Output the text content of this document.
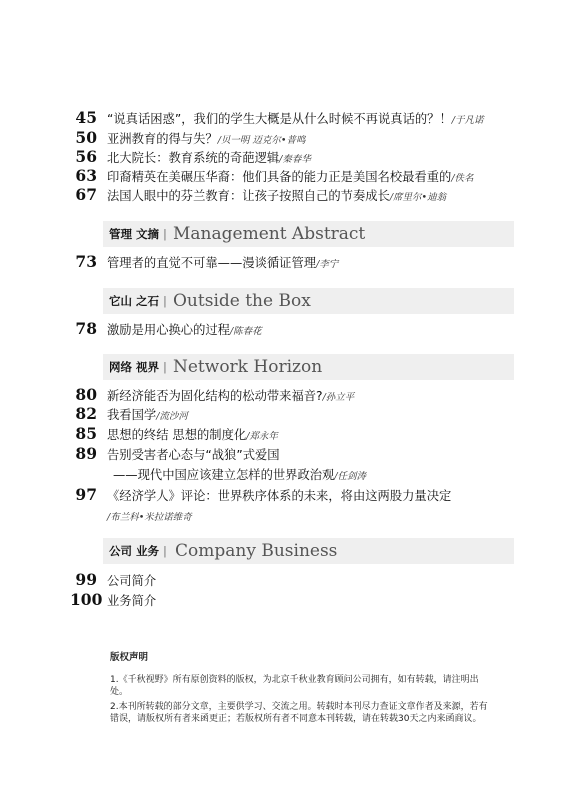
45 “说真话困惑”，我们的学生大概是从什么时候不再说真话的？！/于凡诺
50 亚洲教育的得与失？/贝一明 迈克尔•普鸣
56 北大院长：教育系统的奇葩逻辑/秦春华
63 印裔精英在美碾压华裔：他们具备的能力正是美国名校最看重的/佚名
67 法国人眼中的芬兰教育：让孩子按照自己的节奏成长/席里尔•迪翁
管理 文摘 | Management Abstract
73 管理者的直觉不可靠——漫谈循证管理/李宁
它山 之石 | Outside the Box
78 激励是用心换心的过程/陈春花
网络 视界 | Network Horizon
80 新经济能否为固化结构的松动带来福音?/孙立平
82 我看国学/流沙河
85 思想的终结 思想的制度化/郑永年
89 告别受害者心态与“战狼”式爱国
——现代中国应该建立怎样的世界政治观/任剑涛
97 《经济学人》评论：世界秩序体系的未来，将由这两股力量决定
/布兰科•米拉诺维奇
公司 业务 | Company Business
99 公司简介
100 业务简介
版权声明

1.《千秋视野》所有原创资料的版权，为北京千秋业教育顾问公司拥有，如有转载，请注明出处。

2.本刊所转载的部分文章，主要供学习、交流之用。转载时本刊尽力查证文章作者及来源，若有错误，请版权所有者来函更正；若版权所有者不同意本刊转载，请在转载30天之内来函商议。
